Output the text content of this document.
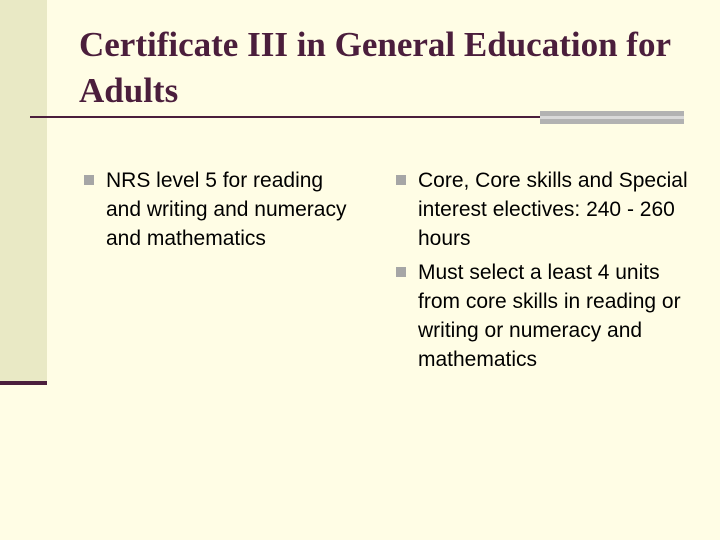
Certificate III in General Education for Adults
NRS level 5 for reading and writing and numeracy and mathematics
Core, Core skills and Special interest electives: 240 - 260 hours
Must select a least 4 units from core skills in reading or writing or numeracy and mathematics
